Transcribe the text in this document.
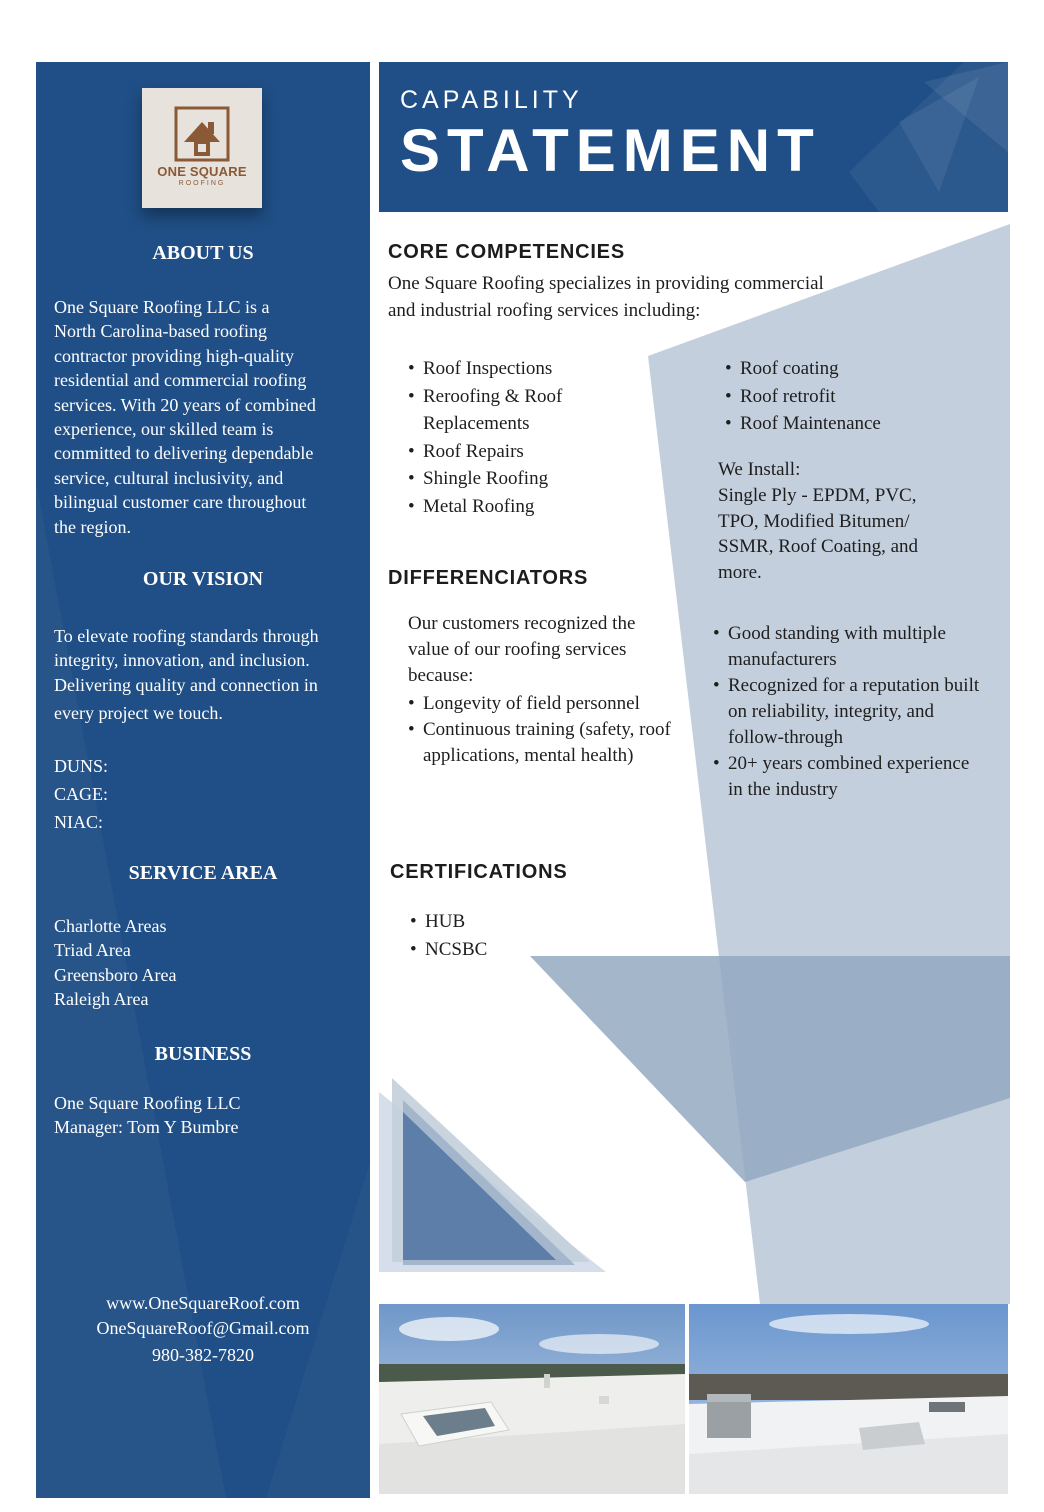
ONE SQUARE
ROOFING
ABOUT US
One Square Roofing LLC is a
North Carolina-based roofing
contractor providing high-quality
residential and commercial roofing
services. With 20 years of combined
experience, our skilled team is
committed to delivering dependable
service, cultural inclusivity, and
bilingual customer care throughout
the region.
OUR VISION
To elevate roofing standards through
integrity, innovation, and inclusion.
Delivering quality and connection in
every project we touch.
DUNS:
CAGE:
NIAC:
SERVICE AREA
Charlotte Areas
Triad Area
Greensboro Area
Raleigh Area
BUSINESS
One Square Roofing LLC
Manager: Tom Y Bumbre
www.OneSquareRoof.com
OneSquareRoof@Gmail.com
980-382-7820
CAPABILITY
STATEMENT
CORE COMPETENCIES
One Square Roofing specializes in providing commercial
and industrial roofing services including:
• Roof Inspections
• Reroofing & Roof Replacements
• Roof Repairs
• Shingle Roofing
• Metal Roofing
• Roof coating
• Roof retrofit
• Roof Maintenance
We Install:
Single Ply - EPDM, PVC,
TPO, Modified Bitumen/
SSMR, Roof Coating, and
more.
DIFFERENCIATORS
Our customers recognized the
value of our roofing services
because:
• Longevity of field personnel
• Continuous training (safety, roof applications, mental health)
• Good standing with multiple manufacturers
• Recognized for a reputation built on reliability, integrity, and follow-through
• 20+ years combined experience in the industry
CERTIFICATIONS
• HUB
• NCSBC
